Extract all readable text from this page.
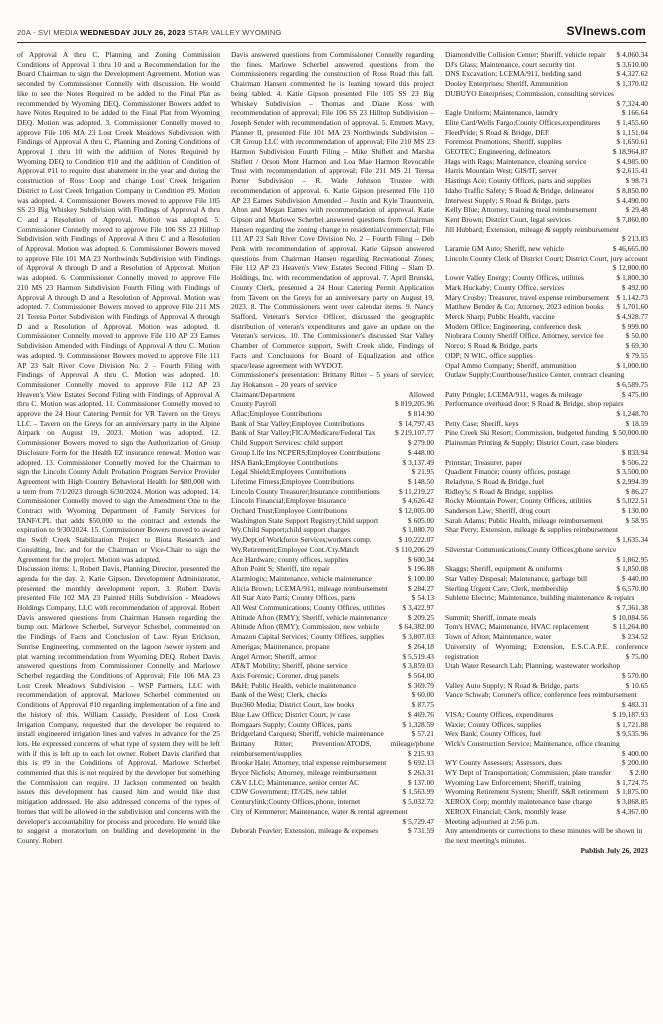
20A - SVI MEDIA WEDNESDAY JULY 26, 2023 STAR VALLEY WYOMING	SVInews.com

of Approval A thru C, Planning and Zoning Commission Conditions of Approval 1 thru 10 and a Recommendation for the Board Chairman to sign the Development Agreement. Motion was seconded by Commissioner Connelly with discussion. He would like to see the Notes Required to be added to the Final Plat as recommended by Wyoming DEQ. Commissioner Bowers added to have Notes Required to be added to the Final Plat from Wyoming DEQ. Motion was adopted. 3. Commissioner Connelly moved to approve File 106 MA 23 Lost Creek Meadows Subdivision with Findings of Approval A thru C, Planning and Zoning Conditions of Approval 1 thru 10 with the addition of Notes Required by Wyoming DEQ to Condition #10 and the addition of Condition of Approval #11 to require dust abatement in the year and during the construction of Ross Loop and change Lost Creek Irrigation District to Lost Creek Irrigation Company in Condition #9. Motion was adopted. 4. Commissioner Bowers moved to approve File 105 SS 23 Big Whiskey Subdivision with Findings of Approval A thru C and a Resolution of Approval. Motion was adopted. 5. Commissioner Connelly moved to approve File 106 SS 23 Hilltop Subdivision with Findings of Approval A thru C and a Resolution of Approval. Motion was adopted. 6. Commissioner Bowers moved to approve File 101 MA 23 Northwinds Subdivision with Findings of Approval A through D and a Resolution of Approval. Motion was adopted. 6. Commissioner Connelly moved to approve File 210 MS 23 Harmon Subdivision Fourth Filing with Findings of Approval A through D and a Resolution of Approval. Motion was adopted. 7. Commissioner Bowers moved to approve File 211 MS 21 Teresa Porter Subdivision with Findings of Approval A through D and a Resolution of Approval. Motion was adopted. 8. Commissioner Connelly moved to approve File 110 AP 23 Eames Subdivision Amended with Findings of Approval A thru C. Motion was adopted. 9. Commissioner Bowers moved to approve File 111 AP 23 Salt River Cove Division No. 2 – Fourth Filing with Findings of Approval A thru C. Motion was adopted. 10. Commissioner Connelly moved to approve File 112 AP 23 Heaven's View Estates Second Filing with Findings of Approval A thru C. Motion was adopted. 11. Commissioner Connelly moved to approve the 24 Hour Catering Permit for VR Tavern on the Greys LLC – Tavern on the Greys for an anniversary party in the Alpine Airpark on August 19, 2023. Motion was adopted. 12. Commissioner Bowers moved to sign the Authorization of Group Disclosure Form for the Health EZ insurance renewal. Motion was adopted. 13. Commissioner Connelly moved for the Chairman to sign the Lincoln County Adult Probation Program Service Provider Agreement with High Country Behavioral Health for $80,000 with a term from 7/1/2023 through 6/30/2024. Motion was adopted. 14. Commissioner Connelly moved to sign the Amendment One to the Contract with Wyoming Department of Family Services for TANF/CPL that adds $50,000 to the contract and extends the expiration to 9/30/2024. 15. Commissioner Bowers moved to award the Swift Creek Stabilization Project to Biota Research and Consulting, Inc. and for the Chairman or Vice-Chair to sign the Agreement for the project. Motion was adopted.

Discussion items: 1. Robert Davis, Planning Director, presented the agenda for the day. 2. Katie Gipson, Development Administrator, presented the monthly development report. 3. Robert Davis presented File 102 MA 23 Painted Hills Subdivision - Meadows Holdings Company, LLC with recommendation of approval. Robert Davis answered questions from Chairman Hansen regarding the bump out. Marlowe Scherbel, Surveyor Scherbel, commented on the Findings of Facts and Conclusion of Law. Ryan Erickson, Sunrise Engineering, commented on the lagoon /sewer system and plat warning recommendation from Wyoming DEQ. Robert Davis answered questions from Commissioner Connelly and Marlowe Scherbel regarding the Conditions of Approval; File 106 MA 23 Lost Creek Meadows Subdivision – WSP Partners, LLC with recommendation of approval. Marlowe Scherbel commented on Conditions of Approval #10 regarding implementation of a fine and the history of this. William Cassidy, President of Lost Creek Irrigation Company, requested that the developer be required to install engineered irrigation lines and valves in advance for the 25 lots. He expressed concerns of what type of system they will be left with if this is left up to each lot owner. Robert Davis clarified that this is #9 in the Conditions of Approval. Marlowe Scherbel commented that this is not required by the developer but something the Commission can require. JJ Jackson commented on health issues this development has caused him and would like dust mitigation addressed. He also addressed concerns of the types of homes that will be allowed in the subdivision and concerns with the developer's accountability for process and procedure. He would like to suggest a moratorium on building and development in the County. Robert

Davis answered questions from Commissioner Connelly regarding the fines. Marlowe Scherbel answered questions from the Commissioners regarding the construction of Ross Road this fall. Chairman Hansen commented he is leaning toward this project being tabled. 4. Katie Gipson presented File 105 SS 23 Big Whiskey Subdivision – Thomas and Diane Koss with recommendation of approval; File 106 SS 23 Hilltop Subdivision – Joseph Sender with recommendation of approval. 5. Emmett Mavy, Planner II, presented File 101 MA 23 Northwinds Subdivision – CR Group LLC with recommendation of approval; File 210 MS 23 Harmon Subdivision Fourth Filing – Mike Shiflett and Marsha Shiflett / Orson Mont Harmon and Loa Mae Harmon Revocable Trust with recommendation of approval; File 211 MS 21 Teresa Porter Subdivision – R. Wade Johnson Trustee with recommendation of approval. 6. Katie Gipson presented File 110 AP 23 Eames Subdivision Amended – Justin and Kyle Trauntvein, Alton and Megan Eames with recommendation of approval. Katie Gipson and Marlowe Scherbel answered questions from Chairman Hansen regarding the zoning change to residential/commercial; File 111 AP 23 Salt River Cove Division No. 2 – Fourth Filing – Deb Penk with recommendation of approval. Katie Gipson answered questions from Chairman Hansen regarding Recreational Zones; File 112 AP 23 Heaven's View Estates Second Filing – Slam D. Holdings, Inc. with recommendation of approval. 7. April Brunski, County Clerk, presented a 24 Hour Catering Permit Application from Tavern on the Greys for an anniversary party on August 19, 2023. 8. The Commissioners went over calendar items. 9. Nancy Stafford, Veteran's Service Officer, discussed the geographic distribution of veteran's expenditures and gave an update on the Veteran's services. 10. The Commissioner's discussed Star Valley Chamber of Commerce support, Swift Creek slide, Findings of Facts and Conclusions for Board of Equalization and office space/lease agreement with WYDOT.

Commissioner's presentation: Brittany Ritter – 5 years of service; Jay Hokanson – 20 years of service

Claimant/Department	Allowed
County Payroll	$ 819,205.96
Aflac;Employee Contributions	$ 814.90
Bank of Star Valley;Employee Contributions	$ 14,797.43
Bank of Star Valley;FICA/Medicare/Federal Tax	$ 219,107.77
Child Support Services: child support	$ 279.00
Group Life Ins NCPERS;Employee Contributions	$ 448.00
HSA Bank;Employee Contributions	$ 3,137.49
Legal Shield;Employees Contributions	$ 21.95
Lifetime Fitness;Employee Contributions	$ 148.50
Lincoln County Treasurer;Insurance contributions	$ 11,219.27
Lincoln Financial;Employee Insurance	$ 4,626.42
Orchard Trust;Employee Contributions	$ 12,005.00
Washington State Support Registry;Child support	$ 605.00
Wy.Child Support;child support charges	$ 1,080.70
Wy.Dept.of Workforce Services;workers comp.	$ 10,222.07
Wy.Retirement;Employee Cont./Cty.Match	$ 110,206.29
Ace Hardware; county offices, supplies	$ 600.34
Afton Point S; Sheriff, tire repair	$ 196.88
Alarmlogix; Maintenance, vehicle maintenance	$ 100.00
Alicia Brown; LCEMA/911, mileage reimbursement	$ 284.27
All Star Auto Parts; County Offices, parts	$ 54.13
All West Communications; County Offices, utilities	$ 3,422.97
Altitude Afton (RMY); Sheriff, vehicle maintenance	$ 209.25
Altitude Afton (RMY); Commission, new vehicle	$ 64,382.00
Amazon Capital Services; County Offices, supplies	$ 3,807.03
Amerigas; Maintenance, propane	$ 264.18
Angel Armor; Sheriff, armor	$ 5,519.43
AT&T Mobility; Sheriff, phone service	$ 3,859.03
Axis Forensic; Coroner, drug panels	$ 564.00
B&H; Public Health, vehicle maintenance	$ 369.79
Bank of the West; Clerk, checks	$ 60.00
Bue360 Media; District Court, law books	$ 87.75
Blue Law Office; District Court, jv case	$ 469.76
Bomgaars Supply; County Offices, parts	$ 1,328.59
Bridgerland Carquest; Sheriff, vehicle maintenance	$ 57.21
Brittany Ritter; Prevention/ATODS, mileage/phone reimbursement/supplies	$ 215.93
Brooke Hale; Attorney, trial expense reimbursement	$ 692.13
Bryce Nichols; Attorney, mileage reimbursement	$ 263.31
C&V LLC; Maintenance, senior center AC	$ 137.00
CDW Government; IT/GIS, new tablet	$ 1,563.99
Centurylink;County Offices,phone, internet	$ 5,032.72
City of Kemmerer; Maintenance, water & rental agreement
$ 5,729.47
Deborah Peavler; Extension, mileage & expenses	$ 731.59
Diamondville Collision Center; Sheriff, vehicle repair	$ 4,060.34
DJ's Glass; Maintenance, court security tint	$ 3,610.00
DNS Excavation; LCEMA/911, bedding sand	$ 4,327.62
Dooley Enterprises; Sheriff, Ammunition	$ 1,370.02
DUBUYO Enterprises; Commission, consulting services
$ 7,324.40
Eagle Uniform; Maintenance, laundry	$ 166.64
Elite Card/Wells Fargo;County Offices,expenditures	$ 1,455.60
FleetPride; S Road & Bridge, DEF	$ 1,151.04
Foremost Promotions; Sheriff, supplies	$ 1,650.61
GEOTEC; Engineering, delineators	$ 18,964.87
Hags with Rags; Maintenance, cleaning service	$ 4,985.00
Harris Mountain West; GIS/IT, server	$ 2,615.41
Hastings Ace; County Offices, parts and supplies	$ 98.71
Idaho Traffic Safety; S Road & Bridge, delineator	$ 8,850.00
Interwest Supply; S Road & Bridge, parts	$ 4,490.00
Kelly Blue; Attorney, training meal reimbursement	$ 29.48
Kent Brown; District Court, legal services	$ 7,860.00
Jill Hubbard; Extension, mileage & supply reimbursement
$ 213.83
Laramie GM Auto; Sheriff, new vehicle	$ 46,665.00
Lincoln County Clerk of District Court; District Court, jury account
$ 12,000.00
Lower Valley Energy; County Offices, utilities	$ 1,800.30
Mark Huckaby; County Office, services	$ 492.00
Mary Crosby; Treasurer, travel expense reimbursement $ 1,142.73
Matthew Bender & Co; Attorney, 2023 edition books	$ 1,701.60
Merck Sharp; Public Health, vaccine	$ 4,928.77
Modern Office; Engineering, conference desk	$ 999.00
Niobrara County Sheriff Office, Attorney, service fee	$ 50.00
Norco; S Road & Bridge, parts	$ 69.30
ODP; N WIC, office supplies	$ 79.55
Opal Ammo Company; Sheriff, ammunition	$ 1,000.00
Outlaw Supply;Courthouse/Justice Center, contract cleaning
$ 6,589.75
Patty Pringle; LCEMA/911, wages & mileage	$ 475.00
Performance overhead door; S Road & Bridge, shop repairs
$ 1,248.70
Petty Case; Sheriff, keys	$ 18.59
Pine Creek Ski Resort; Commission, budgeted funding $ 50,000.00
Plainsman Printing & Supply; District Court, case binders
$ 833.94
Printstar; Treasurer, paper	$ 506.22
Quadient Finance; county offices, postage	$ 3,500.00
Reladyne, S Road & Bridge, fuel	$ 2,994.39
Ridley's; S Road & Bridge, supplies	$ 86.27
Rocky Mountain Power; County Offices, utilities	$ 5,022.51
Sanderson Law; Sheriff, drug court	$ 130.00
Sarah Adams; Public Health, mileage reimbursement	$ 58.95
Shar Perry; Extension, mileage & supplies reimbursement
$ 1,635.34
Silverstar Communications;County Offices,phone service
$ 1,862.95
Skaggs; Sheriff, equipment & uniforms	$ 1,850.08
Star Valley Disposal; Maintenance, garbage bill	$ 440.00
Sterling Urgent Care; Clerk, membership	$ 6,570.00
Sublette Electric; Maintenance, building maintenance & repairs
$ 7,361.38
Summit; Sheriff, inmate meals	$ 10,084.56
Tom's HVAC; Maintenance, HVAC replacement	$ 11,264.80
Town of Afton; Maintenance, water	$ 234.52
University of Wyoming; Extension, E.S.C.A.P.E. conference registration	$ 75.00
Utah Water Research Lab; Planning, wastewater workshop
$ 570.00
Valley Auto Supply; N Road & Bridge, parts	$ 10.65
Vance Schwab; Coroner's office, conference fees reimbursement
$ 483.31
VISA; County Offices, expenditures	$ 19,187.93
Waxie; County Offices, supplies	$ 1,721.88
Wex Bank; County Offices, fuel	$ 9,535.96
Wick's Construction Service; Maintenance, office cleaning
$ 400.00
WY County Assessors; Assessors, dues	$ 200.00
WY Dept of Transportation; Commission, plate transfer	$ 2.00
Wyoming Law Enforcement; Sheriff, training	$ 1,724.75
Wyoming Retirement System; Sheriff, S&R retirement	$ 1,875.00
XEROX Corp; monthly maintenance base charge	$ 3,868.85
XEROX Financial; Clerk, monthly lease	$ 4,367.00

Meeting adjourned at 2:56 p.m.

Any amendments or corrections to these minutes will be shown in the next meeting's minutes.

Publish July 26, 2023
